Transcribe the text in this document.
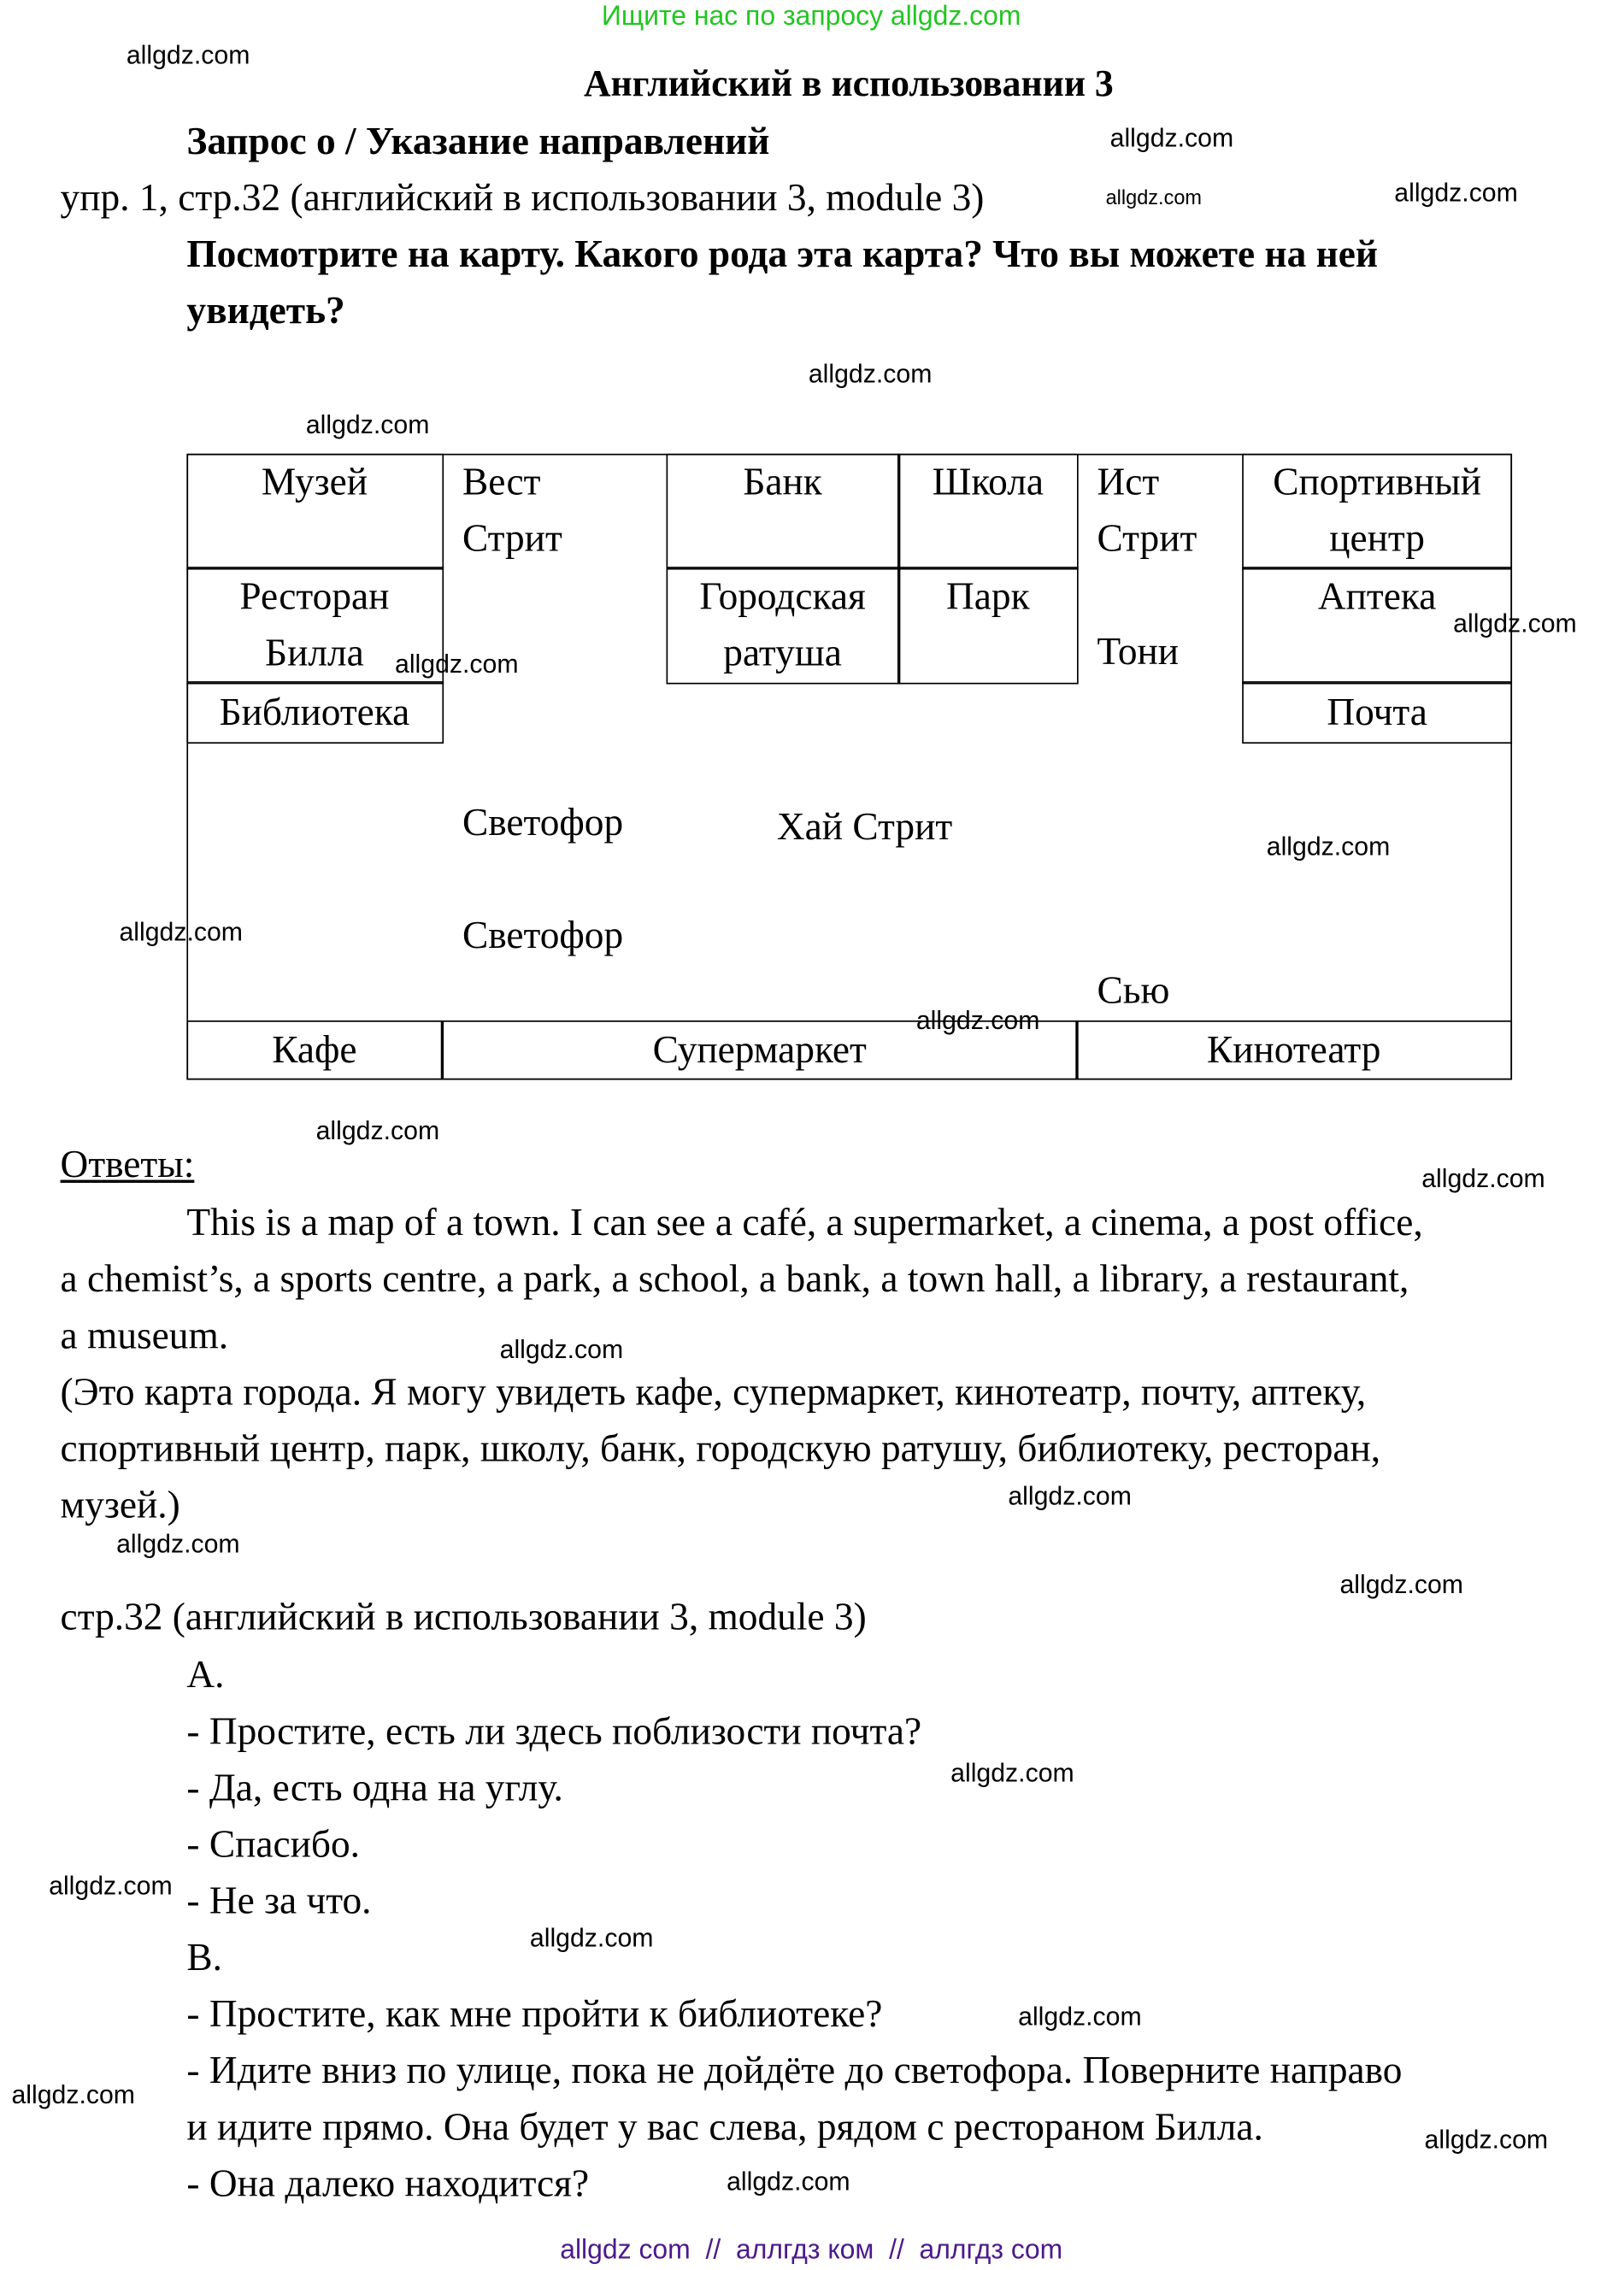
Ищите нас по запросу allgdz.com
Английский в использовании 3
Запрос о / Указание направлений
упр. 1, стр.32 (английский в использовании 3, module 3)
Посмотрите на карту. Какого рода эта карта? Что вы можете на ней
увидеть?
Музей
Ресторан
Билла
Библиотека
Вест
Стрит
Банк	Школа
Городская
ратуша
Парк
Ист
Стрит
Тони
Спортивный
центр
Аптека
Почта
Светофор
Светофор
Хай Стрит
Сью
Кафе	Супермаркет	Кинотеатр
Ответы:
This is a map of a town. I can see a café, a supermarket, a cinema, a post office,
a chemist’s, a sports centre, a park, a school, a bank, a town hall, a library, a restaurant,
a museum.
(Это карта города. Я могу увидеть кафе, супермаркет, кинотеатр, почту, аптеку,
спортивный центр, парк, школу, банк, городскую ратушу, библиотеку, ресторан,
музей.)
стр.32 (английский в использовании 3, module 3)
A.
- Простите, есть ли здесь поблизости почта?
- Да, есть одна на углу.
- Спасибо.
- Не за что.
B.
- Простите, как мне пройти к библиотеке?
- Идите вниз по улице, пока не дойдёте до светофора. Поверните направо
и идите прямо. Она будет у вас слева, рядом с рестораном Билла.
- Она далеко находится?
allgdz.com
allgdz.com
allgdz.com
allgdz.com
allgdz.com
allgdz.com
allgdz.com
allgdz.com
allgdz.com
allgdz.com
allgdz.com
allgdz.com
allgdz.com
allgdz.com
allgdz.com
allgdz.com
allgdz.com
allgdz.com
allgdz.com
allgdz.com
allgdz.com
allgdz.com
allgdz.com
allgdz.com
allgdz com  //  аллгдз ком  //  аллгдз com
